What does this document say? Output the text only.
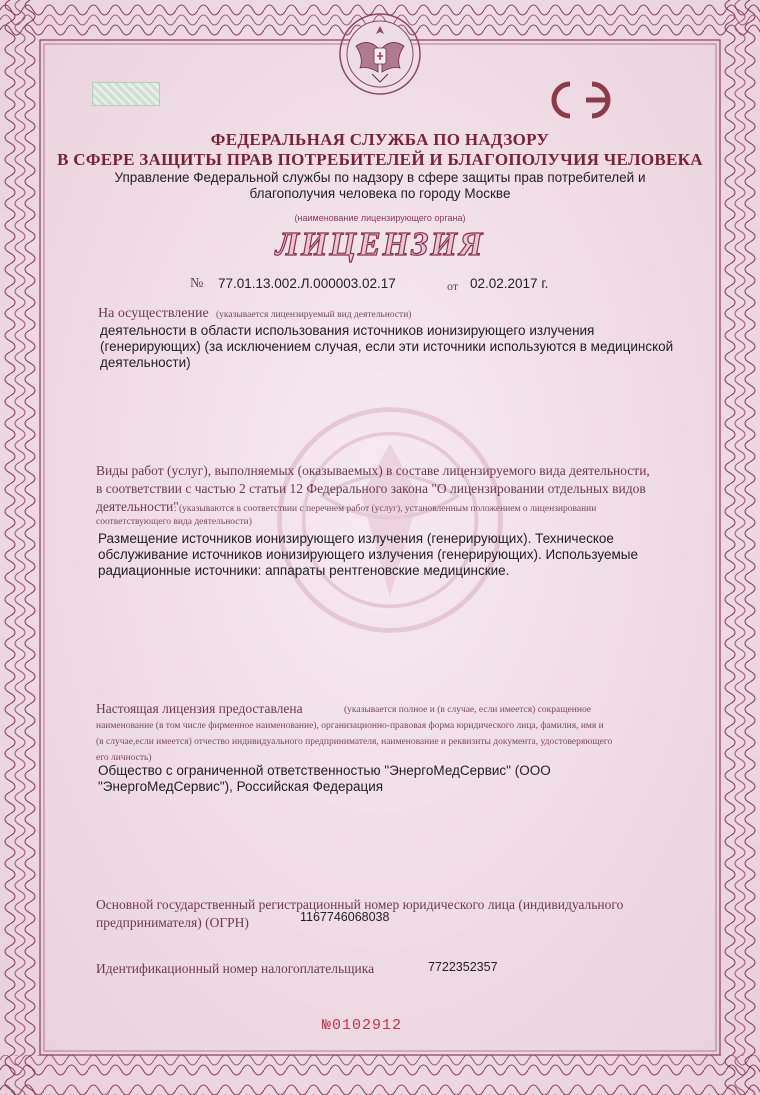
ФЕДЕРАЛЬНАЯ СЛУЖБА ПО НАДЗОРУ
В СФЕРЕ ЗАЩИТЫ ПРАВ ПОТРЕБИТЕЛЕЙ И БЛАГОПОЛУЧИЯ ЧЕЛОВЕКА
Управление Федеральной службы по надзору в сфере защиты прав потребителей и
благополучия человека по городу Москве
(наименование лицензирующего органа)
ЛИЦЕНЗИЯ
№ 77.01.13.002.Л.000003.02.17	от 02.02.2017 г.
На осуществление (указывается лицензируемый вид деятельности)
деятельности в области использования источников ионизирующего излучения
(генерирующих) (за исключением случая, если эти источники используются в медицинской
деятельности)
Виды работ (услуг), выполняемых (оказываемых) в составе лицензируемого вида деятельности,
в соответствии с частью 2 статьи 12 Федерального закона "О лицензировании отдельных видов
деятельности"
: (указываются в соответствии с перечнем работ (услуг), установленным положением о лицензировании
соответствующего вида деятельности)
Размещение источников ионизирующего излучения (генерирующих). Техническое
обслуживание источников ионизирующего излучения (генерирующих). Используемые
радиационные источники: аппараты рентгеновские медицинские.
Настоящая лицензия предоставлена	(указывается полное и (в случае, если имеется) сокращенное
наименование (в том числе фирменное наименование), организационно-правовая форма юридического лица, фамилия, имя и
(в случае,если имеется) отчество индивидуального предпринимателя, наименование и реквизиты документа, удостоверяющего
его личность)
Общество с ограниченной ответственностью "ЭнергоМедСервис" (ООО
"ЭнергоМедСервис"), Российская Федерация
Основной государственный регистрационный номер юридического лица (индивидуального
предпринимателя) (ОГРН)	1167746068038
Идентификационный номер налогоплательщика	7722352357
№0102912
